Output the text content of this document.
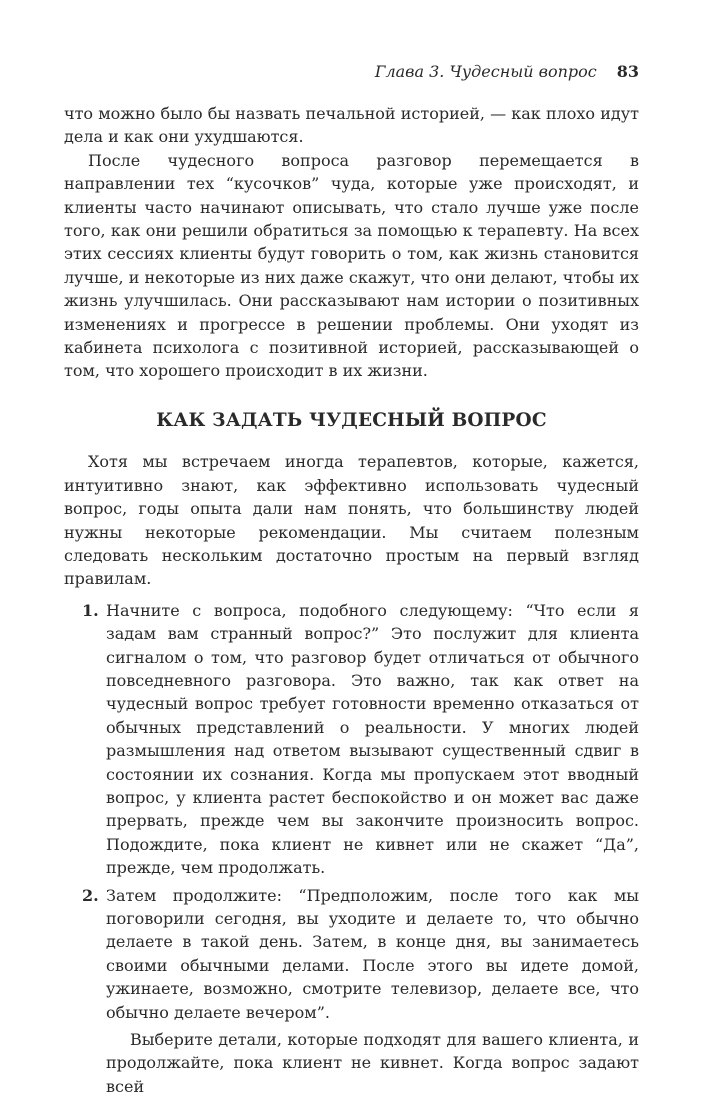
Глава 3. Чудесный вопрос 83

что можно было бы назвать печальной историей, — как плохо идут дела и как они ухудшаются.

После чудесного вопроса разговор перемещается в направлении тех “кусочков” чуда, которые уже происходят, и клиенты часто начинают описывать, что стало лучше уже после того, как они решили обратиться за помощью к терапевту. На всех этих сессиях клиенты будут говорить о том, как жизнь становится лучше, и некоторые из них даже скажут, что они делают, чтобы их жизнь улучшилась. Они рассказывают нам истории о позитивных изменениях и прогрессе в решении проблемы. Они уходят из кабинета психолога с позитивной историей, рассказывающей о том, что хорошего происходит в их жизни.

КАК ЗАДАТЬ ЧУДЕСНЫЙ ВОПРОС

Хотя мы встречаем иногда терапевтов, которые, кажется, интуитивно знают, как эффективно использовать чудесный вопрос, годы опыта дали нам понять, что большинству людей нужны некоторые рекомендации. Мы считаем полезным следовать нескольким достаточно простым на первый взгляд правилам.

1. Начните с вопроса, подобного следующему: “Что если я задам вам странный вопрос?” Это послужит для клиента сигналом о том, что разговор будет отличаться от обычного повседневного разговора. Это важно, так как ответ на чудесный вопрос требует готовности временно отказаться от обычных представлений о реальности. У многих людей размышления над ответом вызывают существенный сдвиг в состоянии их сознания. Когда мы пропускаем этот вводный вопрос, у клиента растет беспокойство и он может вас даже прервать, прежде чем вы закончите произносить вопрос. Подождите, пока клиент не кивнет или не скажет “Да”, прежде, чем продолжать.
2. Затем продолжите: “Предположим, после того как мы поговорили сегодня, вы уходите и делаете то, что обычно делаете в такой день. Затем, в конце дня, вы занимаетесь своими обычными делами. После этого вы идете домой, ужинаете, возможно, смотрите телевизор, делаете все, что обычно делаете вечером”.

Выберите детали, которые подходят для вашего клиента, и продолжайте, пока клиент не кивнет. Когда вопрос задают всей
